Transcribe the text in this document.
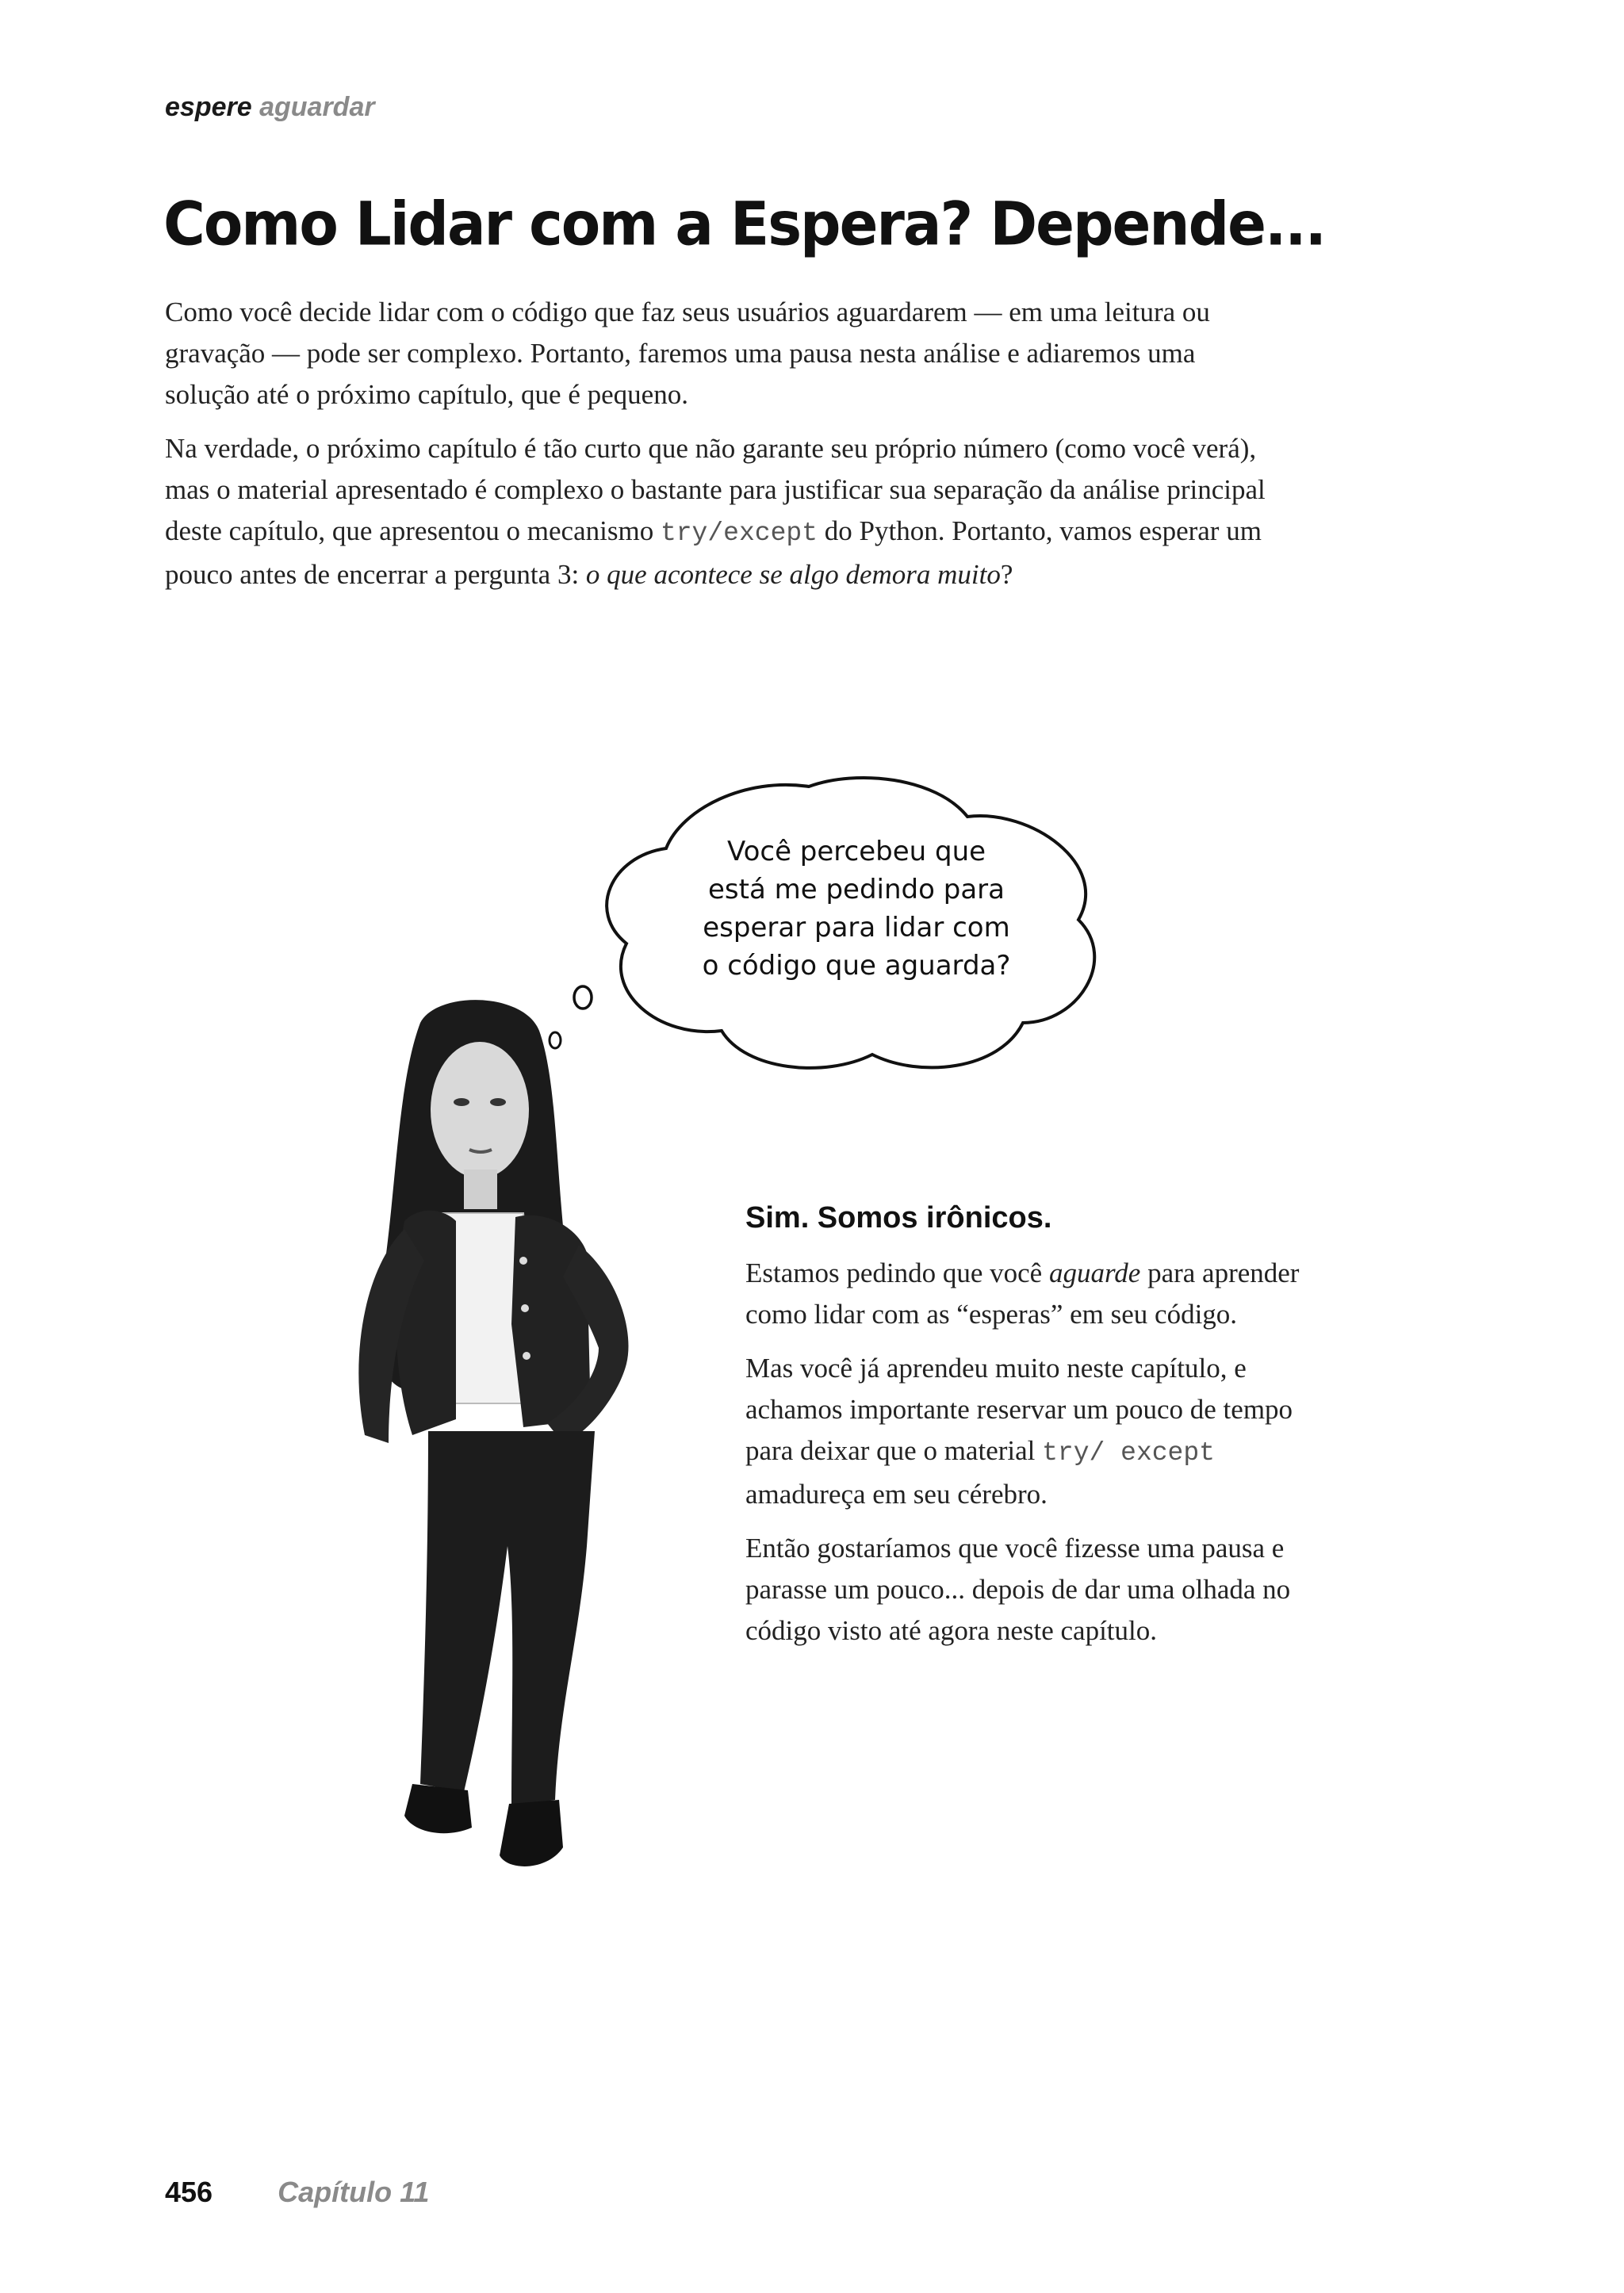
espere aguardar
Como Lidar com a Espera? Depende...

Como você decide lidar com o código que faz seus usuários aguardarem — em uma leitura ou gravação — pode ser complexo. Portanto, faremos uma pausa nesta análise e adiaremos uma solução até o próximo capítulo, que é pequeno.

Na verdade, o próximo capítulo é tão curto que não garante seu próprio número (como você verá), mas o material apresentado é complexo o bastante para justificar sua separação da análise principal deste capítulo, que apresentou o mecanismo try/except do Python. Portanto, vamos esperar um pouco antes de encerrar a pergunta 3: o que acontece se algo demora muito?

Você percebeu que
está me pedindo para
esperar para lidar com
o código que aguarda?
Sim. Somos irônicos.

Estamos pedindo que você aguarde para aprender como lidar com as “esperas” em seu código.

Mas você já aprendeu muito neste capítulo, e achamos importante reservar um pouco de tempo para deixar que o material try/ except amadureça em seu cérebro.

Então gostaríamos que você fizesse uma pausa e parasse um pouco... depois de dar uma olhada no código visto até agora neste capítulo.

456 Capítulo 11
